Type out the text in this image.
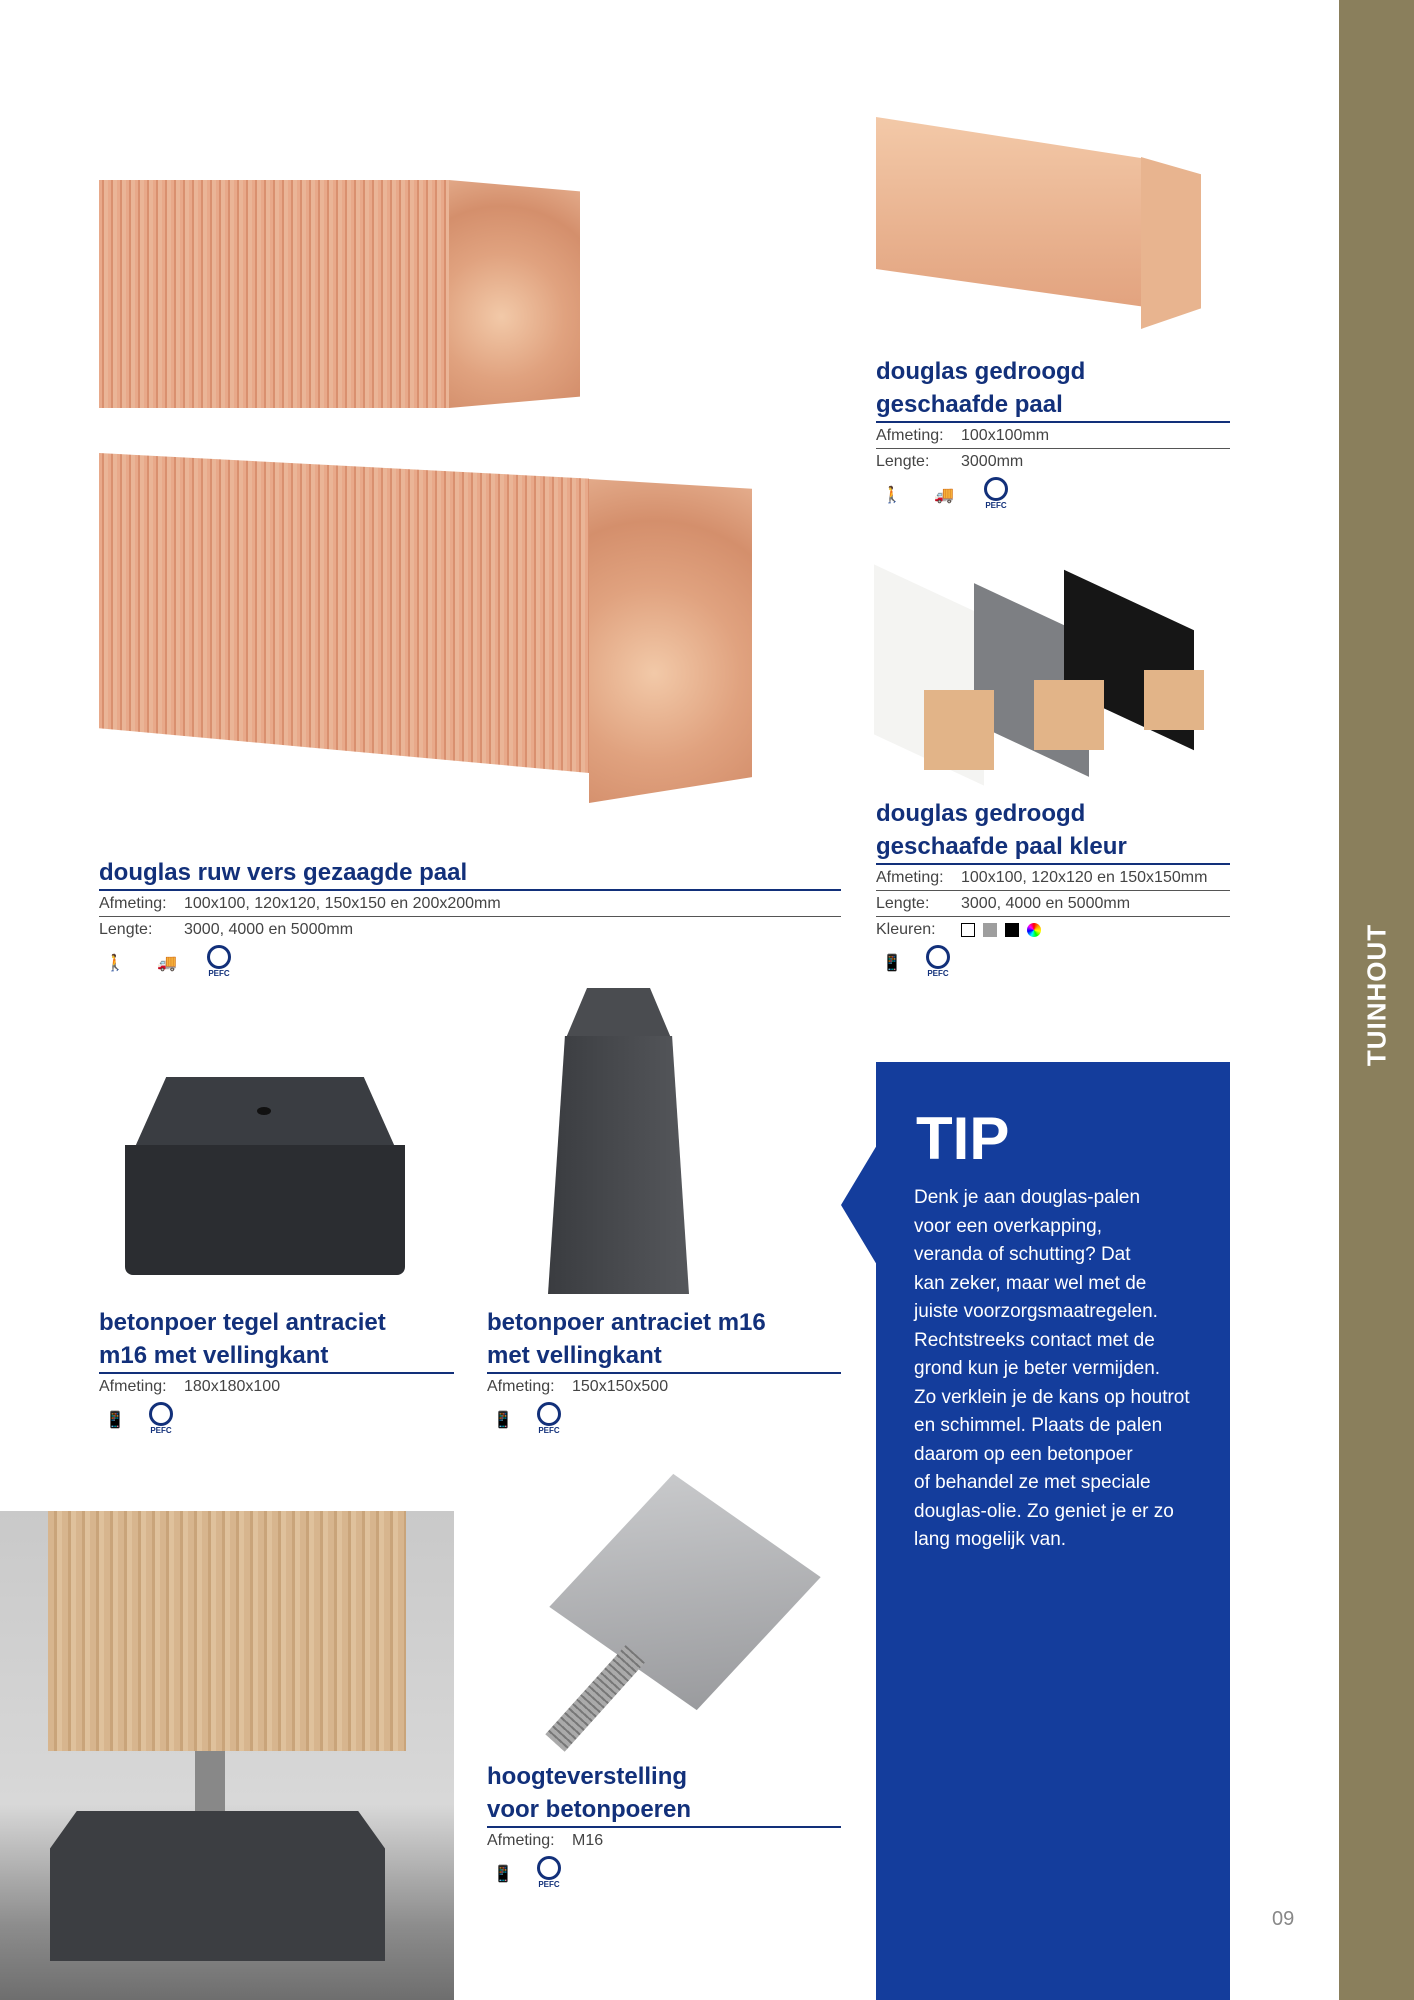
TUINHOUT
douglas ruw vers gezaagde paal
Afmeting:	100x100, 120x120, 150x150 en 200x200mm
Lengte:	3000, 4000 en 5000mm
🚶	🚚
PEFC
douglas gedroogd
geschaafde paal
Afmeting:	100x100mm
Lengte:	3000mm
🚶	🚚
PEFC
douglas gedroogd
geschaafde paal kleur
Afmeting:	100x100, 120x120 en 150x150mm
Lengte:	3000, 4000 en 5000mm
Kleuren:
📱
PEFC
betonpoer tegel antraciet
m16 met vellingkant
Afmeting:	180x180x100
📱
PEFC
betonpoer antraciet m16
met vellingkant
Afmeting:	150x150x500
📱
PEFC
hoogteverstelling
voor betonpoeren
Afmeting:	M16
📱
PEFC
TIP

Denk je aan douglas-palen
voor een overkapping,
veranda of schutting? Dat
kan zeker, maar wel met de
juiste voorzorgsmaatregelen.
Rechtstreeks contact met de
grond kun je beter vermijden.
Zo verklein je de kans op houtrot
en schimmel. Plaats de palen
daarom op een betonpoer
of behandel ze met speciale
douglas-olie. Zo geniet je er zo
lang mogelijk van.

09
